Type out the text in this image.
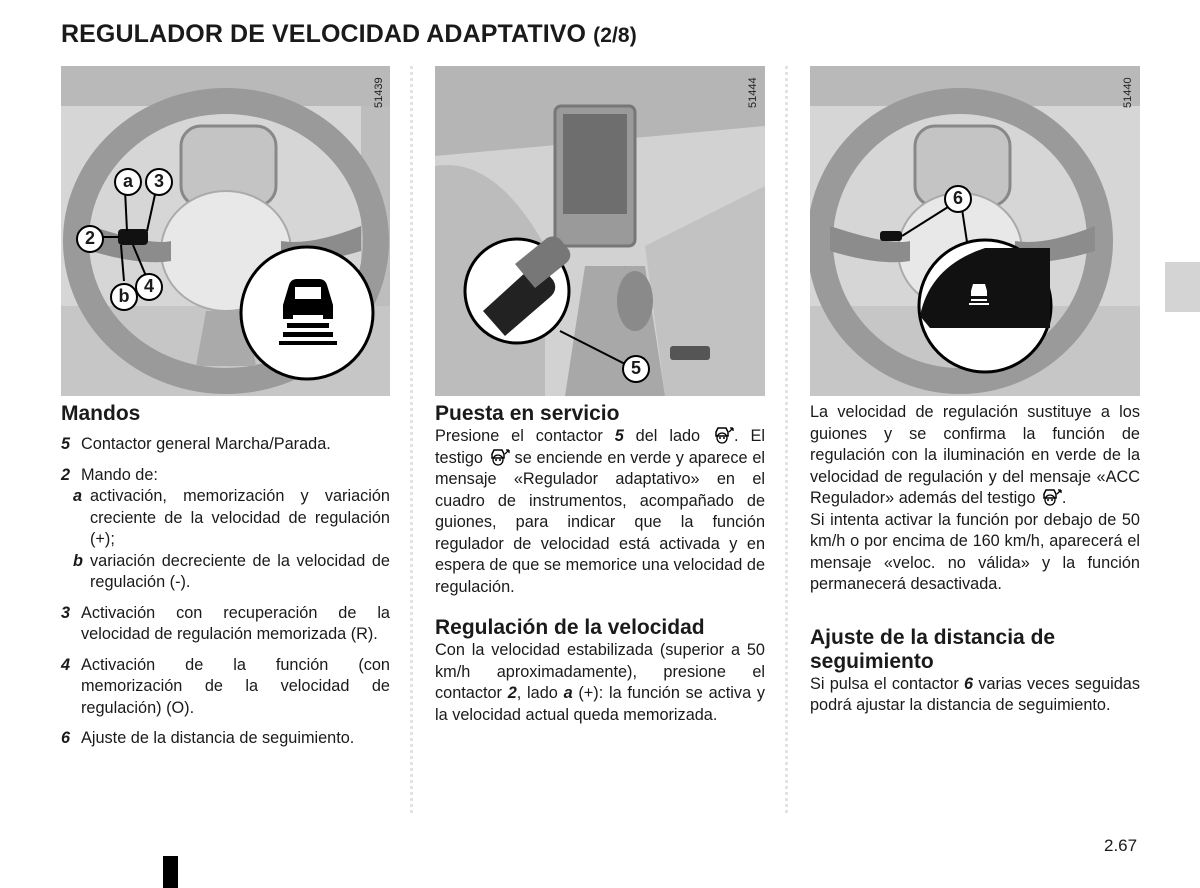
REGULADOR DE VELOCIDAD ADAPTATIVO (2/8)
51439
a	3
2
4
b
51444
5
51440
6
Mandos
5 Contactor general Marcha/Parada.
2 Mando de:
a activación, memorización y variación creciente de la velocidad de regulación (+);
b variación decreciente de la velocidad de regulación (-).
3 Activación con recuperación de la velocidad de regulación memorizada (R).
4 Activación de la función (con memorización de la velocidad de regulación) (O).
6 Ajuste de la distancia de seguimiento.
Puesta en servicio

Presione el contactor 5 del lado . El testigo  se enciende en verde y aparece el mensaje «Regulador adaptativo» en el cuadro de instrumentos, acompañado de guiones, para indicar que la función regulador de velocidad está activada y en espera de que se memorice una velocidad de regulación.

Regulación de la velocidad

Con la velocidad estabilizada (superior a 50 km/h aproximadamente), presione el contactor 2, lado a (+): la función se activa y la velocidad actual queda memorizada.

La velocidad de regulación sustituye a los guiones y se confirma la función de regulación con la iluminación en verde de la velocidad de regulación y del mensaje «ACC Regulador» además del testigo .

Si intenta activar la función por debajo de 50 km/h o por encima de 160 km/h, aparecerá el mensaje «veloc. no válida» y la función permanecerá desactivada.

Ajuste de la distancia de seguimiento

Si pulsa el contactor 6 varias veces seguidas podrá ajustar la distancia de seguimiento.

2.67
